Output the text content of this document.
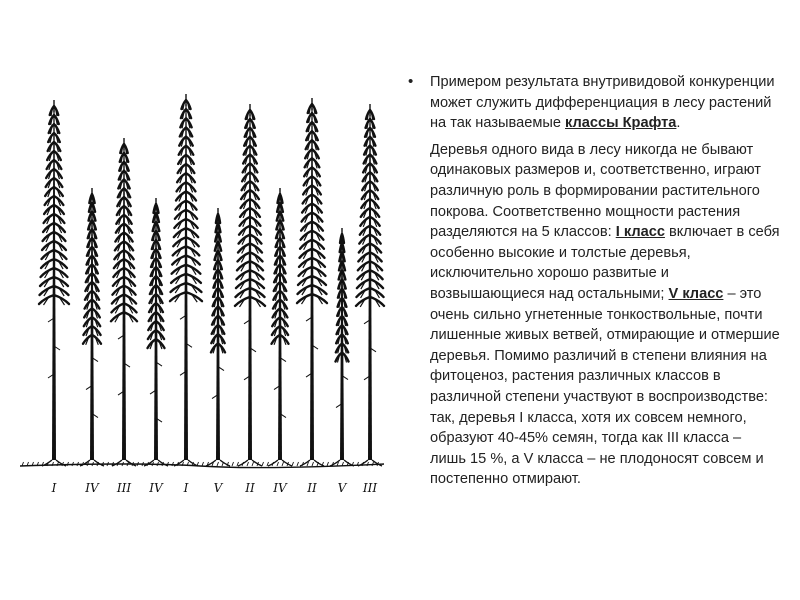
I IV III IV I V II IV II V III

• Примером результата внутривидовой конкуренции может служить дифференциация в лесу растений на так называемые классы Крафта.

Деревья одного вида в лесу никогда не бывают одинаковых размеров и, соответственно, играют различную роль в формировании растительного покрова. Соответственно мощности растения разделяются на 5 классов: I класс включает в себя особенно высокие и толстые деревья, исключительно хорошо развитые и возвышающиеся над остальными; V класс – это очень сильно угнетенные тонкоствольные, почти лишенные живых ветвей, отмирающие и отмершие деревья. Помимо различий в степени влияния на фитоценоз, растения различных классов в различной степени участвуют в воспроизводстве: так, деревья I класса, хотя их совсем немного, образуют 40-45% семян, тогда как III класса – лишь 15 %, а V класса – не плодоносят совсем и постепенно отмирают.
